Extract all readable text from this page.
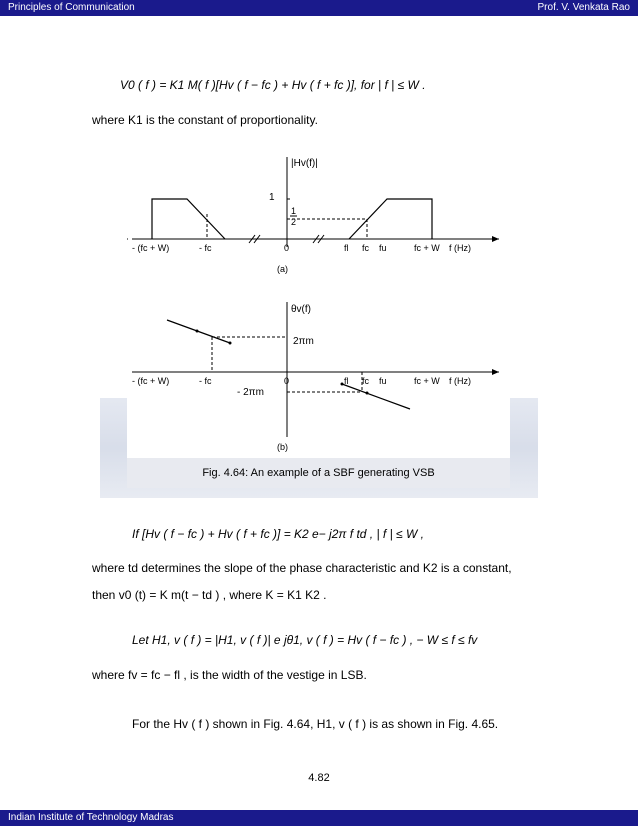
Principles of Communication	Prof. V. Venkata Rao
V0 ( f ) = K1 M( f )[Hv ( f − fc ) + Hv ( f + fc )], for | f | ≤ W .
where K1 is the constant of proportionality.
|Hv(f)|
1
1
2
- (fc + W)	- fc	0	fl fc fu	fc + W f (Hz)
(a)
θv(f)
2πm
- 2πm
- (fc + W)	- fc	0	fl fc fu	fc + W f (Hz)
(b)
Fig. 4.64: An example of a SBF generating VSB
If [Hv ( f − fc ) + Hv ( f + fc )] = K2 e− j2π f td , | f | ≤ W ,
where td determines the slope of the phase characteristic and K2 is a constant,
then v0 (t) = K m(t − td ) , where K = K1 K2 .
Let H1, v ( f ) = |H1, v ( f )| e jθ1, v ( f ) = Hv ( f − fc ) , − W ≤ f ≤ fv
where fv = fc − fl , is the width of the vestige in LSB.
For the Hv ( f ) shown in Fig. 4.64, H1, v ( f ) is as shown in Fig. 4.65.
4.82
Indian Institute of Technology Madras
